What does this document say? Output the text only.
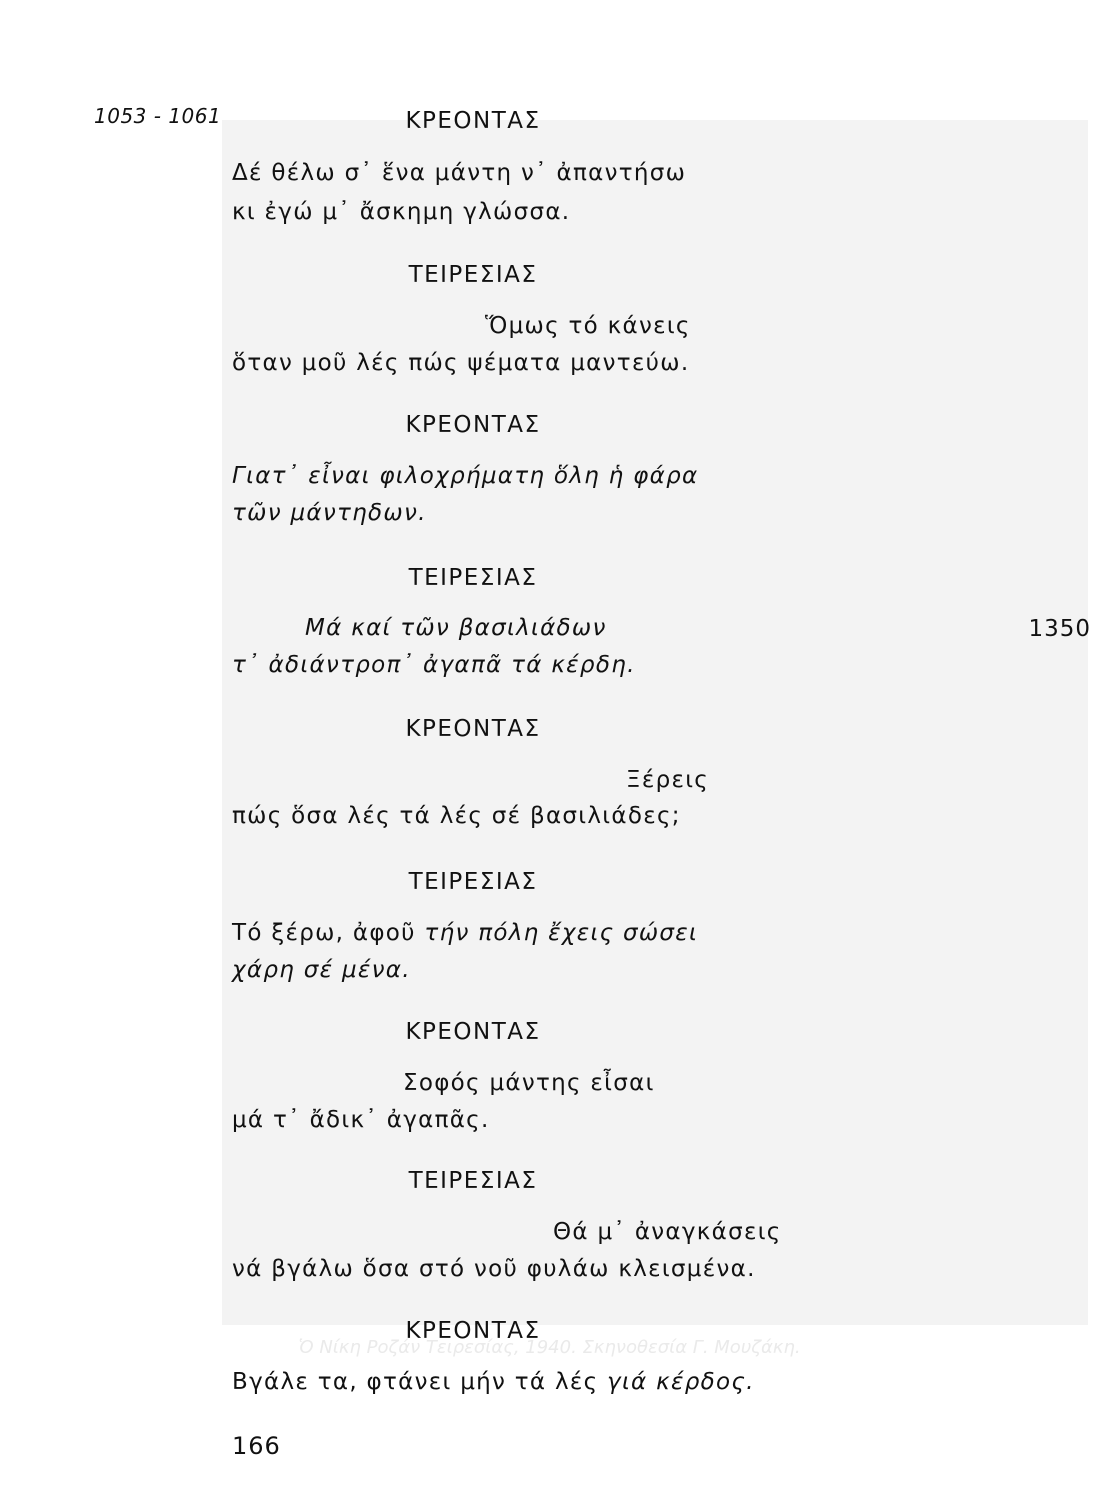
Ὁ Νίκη Ροζάν Τειρεσίας, 1940. Σκηνοθεσία Γ. Μουζάκη.
1053 - 1061	ΚΡΕΟΝΤΑΣ
Δέ θέλω σ᾿ ἕνα μάντη ν᾿ ἀπαντήσω
κι ἐγώ μ᾿ ἄσκημη γλώσσα.
ΤΕΙΡΕΣΙΑΣ
Ὅμως τό κάνεις
ὅταν μοῦ λές πώς ψέματα μαντεύω.
ΚΡΕΟΝΤΑΣ
Γιατ᾿ εἶναι φιλοχρήματη ὅλη ἡ φάρα
τῶν μάντηδων.
ΤΕΙΡΕΣΙΑΣ
Μά καί τῶν βασιλιάδων	1350
τ᾿ ἀδιάντροπ᾿ ἀγαπᾶ τά κέρδη.
ΚΡΕΟΝΤΑΣ
Ξέρεις
πώς ὅσα λές τά λές σέ βασιλιάδες;
ΤΕΙΡΕΣΙΑΣ
Τό ξέρω, ἀφοῦ τήν πόλη ἔχεις σώσει
χάρη σέ μένα.
ΚΡΕΟΝΤΑΣ
Σοφός μάντης εἶσαι
μά τ᾿ ἄδικ᾿ ἀγαπᾶς.
ΤΕΙΡΕΣΙΑΣ
Θά μ᾿ ἀναγκάσεις
νά βγάλω ὅσα στό νοῦ φυλάω κλεισμένα.
ΚΡΕΟΝΤΑΣ
Βγάλε τα, φτάνει μήν τά λές γιά κέρδος.
166
